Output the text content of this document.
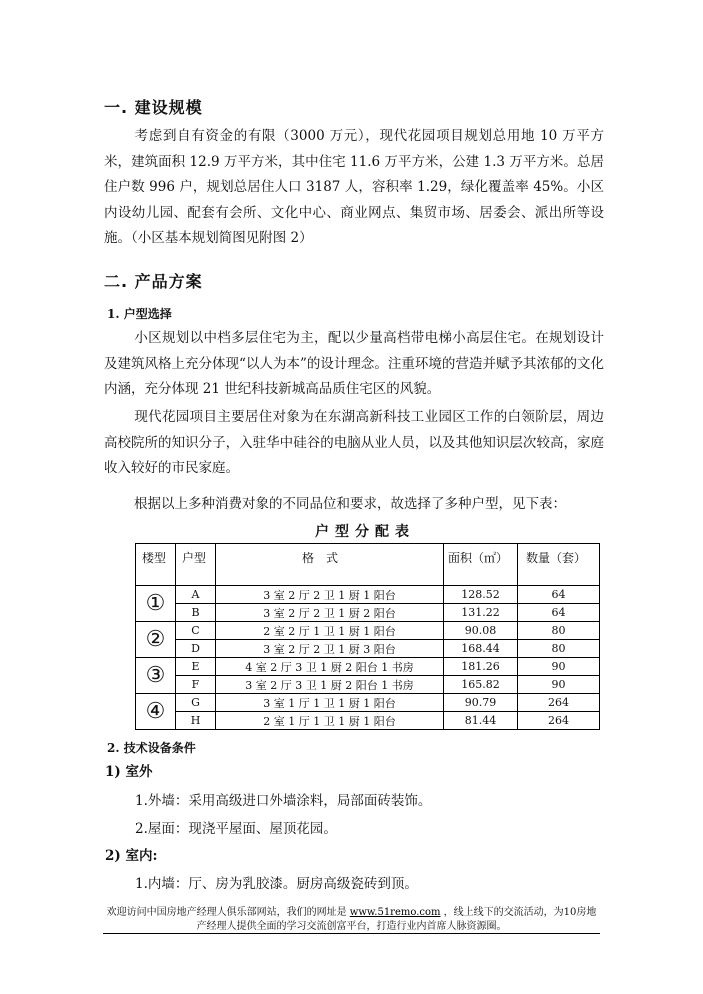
一. 建设规模

考虑到自有资金的有限（3000 万元），现代花园项目规划总用地 10 万平方米，建筑面积 12.9 万平方米，其中住宅 11.6 万平方米，公建 1.3 万平方米。总居住户数 996 户，规划总居住人口 3187 人，容积率 1.29，绿化覆盖率 45%。小区内设幼儿园、配套有会所、文化中心、商业网点、集贸市场、居委会、派出所等设施。（小区基本规划简图见附图 2）

二. 产品方案
1. 户型选择

小区规划以中档多层住宅为主，配以少量高档带电梯小高层住宅。在规划设计及建筑风格上充分体现“以人为本”的设计理念。注重环境的营造并赋予其浓郁的文化内涵，充分体现 21 世纪科技新城高品质住宅区的风貌。

现代花园项目主要居住对象为在东湖高新科技工业园区工作的白领阶层，周边高校院所的知识分子，入驻华中硅谷的电脑从业人员，以及其他知识层次较高，家庭收入较好的市民家庭。

根据以上多种消费对象的不同品位和要求，故选择了多种户型，见下表：

户型分配表
楼型	户型	格　式	面积（㎡）	数量（套）
①	A	3 室 2 厅 2 卫 1 厨 1 阳台	128.52	64
	B	3 室 2 厅 2 卫 1 厨 2 阳台	131.22	64
②	C	2 室 2 厅 1 卫 1 厨 1 阳台	90.08	80
	D	3 室 2 厅 2 卫 1 厨 3 阳台	168.44	80
③	E	4 室 2 厅 3 卫 1 厨 2 阳台 1 书房	181.26	90
	F	3 室 2 厅 3 卫 1 厨 2 阳台 1 书房	165.82	90
④	G	3 室 1 厅 1 卫 1 厨 1 阳台	90.79	264
	H	2 室 1 厅 1 卫 1 厨 1 阳台	81.44	264
2. 技术设备条件
1) 室外
1.外墙：采用高级进口外墙涂料，局部面砖装饰。
2.屋面：现浇平屋面、屋顶花园。
2) 室内:
1.内墙：厅、房为乳胶漆。厨房高级瓷砖到顶。
欢迎访问中国房地产经理人俱乐部网站，我们的网址是 www.51remo.com ，线上线下的交流活动，为10房地产经理人提供全面的学习交流创富平台，打造行业内首席人脉资源圈。
